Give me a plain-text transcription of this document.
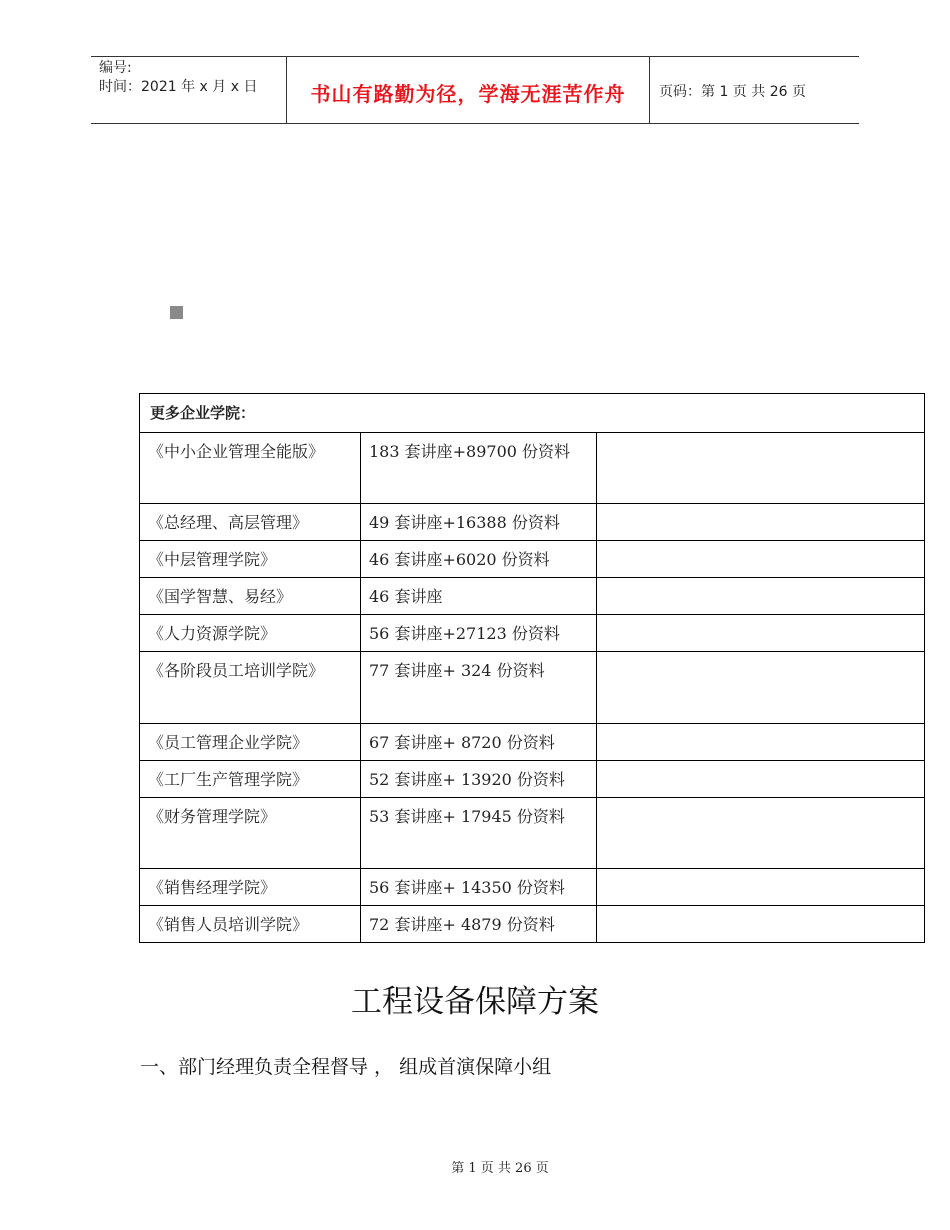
编号:
时间：2021 年 x 月 x 日	书山有路勤为径，学海无涯苦作舟	页码：第 1 页 共 26 页
更多企业学院：		
《中小企业管理全能版》	183 套讲座+89700 份资料	
《总经理、高层管理》	49 套讲座+16388 份资料	
《中层管理学院》	46 套讲座+6020 份资料	
《国学智慧、易经》	46 套讲座	
《人力资源学院》	56 套讲座+27123 份资料	
《各阶段员工培训学院》	77 套讲座+ 324 份资料	
《员工管理企业学院》	67 套讲座+ 8720 份资料	
《工厂生产管理学院》	52 套讲座+ 13920 份资料	
《财务管理学院》	53 套讲座+ 17945 份资料	
《销售经理学院》	56 套讲座+ 14350 份资料	
《销售人员培训学院》	72 套讲座+ 4879 份资料	
工程设备保障方案
一、部门经理负责全程督导 ， 组成首演保障小组
第 1 页 共 26 页
